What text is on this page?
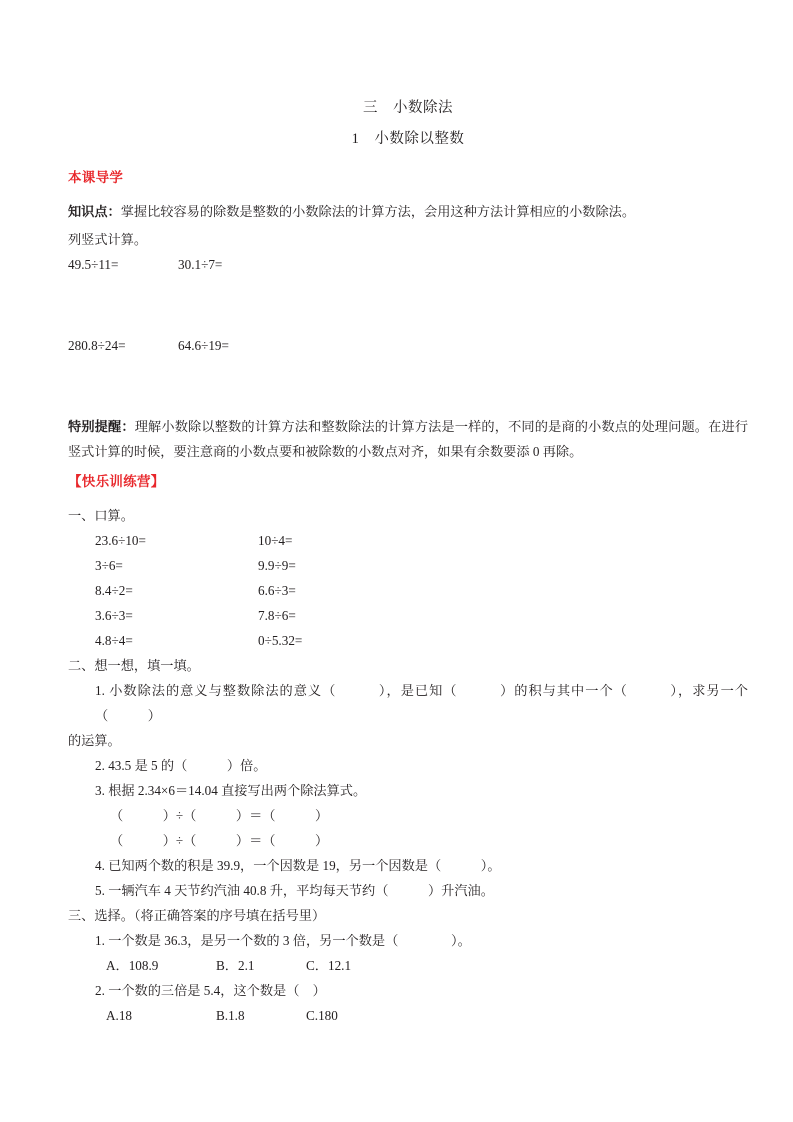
三　小数除法
1　小数除以整数
本课导学
知识点：掌握比较容易的除数是整数的小数除法的计算方法，会用这种方法计算相应的小数除法。
列竖式计算。
49.5÷11=	30.1÷7=
280.8÷24=	64.6÷19=
特别提醒：理解小数除以整数的计算方法和整数除法的计算方法是一样的，不同的是商的小数点的处理问题。在进行竖式计算的时候，要注意商的小数点要和被除数的小数点对齐，如果有余数要添 0 再除。
【快乐训练营】
一、口算。
23.6÷10=	10÷4=
3÷6=	9.9÷9=
8.4÷2=	6.6÷3=
3.6÷3=	7.8÷6=
4.8÷4=	0÷5.32=
二、想一想，填一填。
1. 小数除法的意义与整数除法的意义（　　　），是已知（　　　）的积与其中一个（　　　），求另一个（　　　）
的运算。
2. 43.5 是 5 的（　　　）倍。
3. 根据 2.34×6＝14.04 直接写出两个除法算式。
（　　　）÷（　　　）＝（　　　）
（　　　）÷（　　　）＝（　　　）
4. 已知两个数的积是 39.9，一个因数是 19，另一个因数是（　　　）。
5. 一辆汽车 4 天节约汽油 40.8 升，平均每天节约（　　　）升汽油。
三、选择。（将正确答案的序号填在括号里）
1. 一个数是 36.3，是另一个数的 3 倍，另一个数是（　　　　）。
A．108.9	B．2.1	C．12.1
2. 一个数的三倍是 5.4，这个数是（　）
A.18	B.1.8	C.180
